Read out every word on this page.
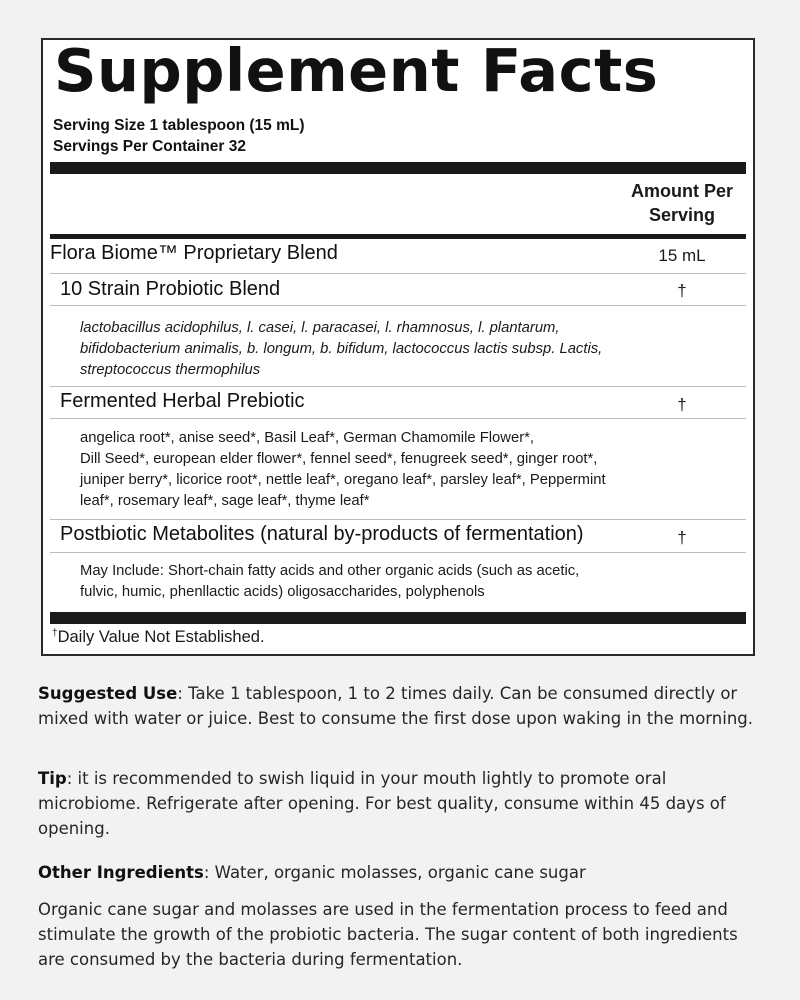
Supplement Facts
Serving Size 1 tablespoon (15 mL)
Servings Per Container 32
Amount Per
Serving
Flora Biome™ Proprietary Blend	15 mL
10 Strain Probiotic Blend	†
lactobacillus acidophilus, l. casei, l. paracasei, l. rhamnosus, l. plantarum,
bifidobacterium animalis, b. longum, b. bifidum, lactococcus lactis subsp. Lactis,
streptococcus thermophilus
Fermented Herbal Prebiotic	†
angelica root*, anise seed*, Basil Leaf*, German Chamomile Flower*,
Dill Seed*, european elder flower*, fennel seed*, fenugreek seed*, ginger root*,
juniper berry*, licorice root*, nettle leaf*, oregano leaf*, parsley leaf*, Peppermint
leaf*, rosemary leaf*, sage leaf*, thyme leaf*
Postbiotic Metabolites (natural by-products of fermentation)	†
May Include: Short-chain fatty acids and other organic acids (such as acetic,
fulvic, humic, phenllactic acids) oligosaccharides, polyphenols
†Daily Value Not Established.
Suggested Use: Take 1 tablespoon, 1 to 2 times daily. Can be consumed directly or mixed with water or juice. Best to consume the first dose upon waking in the morning.
Tip: it is recommended to swish liquid in your mouth lightly to promote oral microbiome. Refrigerate after opening. For best quality, consume within 45 days of opening.
Other Ingredients: Water, organic molasses, organic cane sugar
Organic cane sugar and molasses are used in the fermentation process to feed and stimulate the growth of the probiotic bacteria. The sugar content of both ingredients are consumed by the bacteria during fermentation.
